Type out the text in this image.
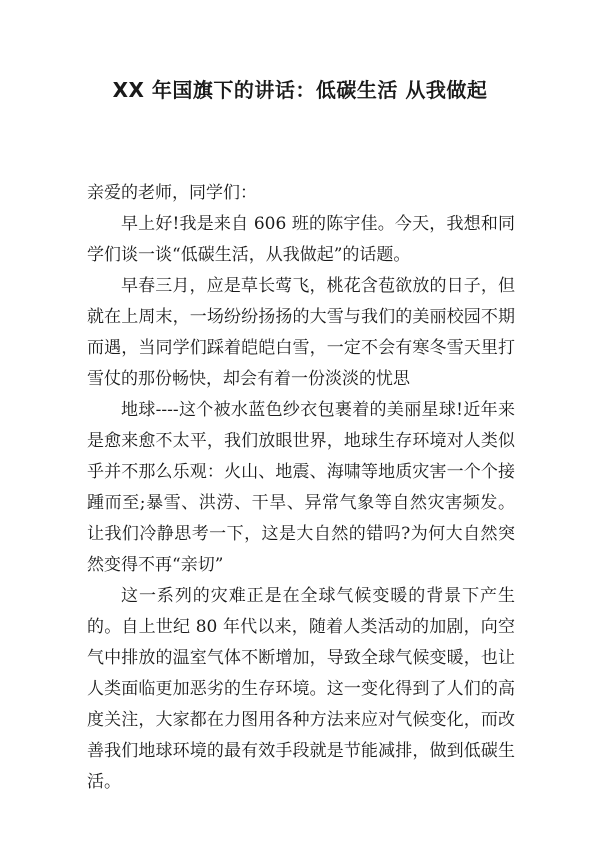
XX 年国旗下的讲话：低碳生活 从我做起

亲爱的老师，同学们：

早上好!我是来自 606 班的陈宇佳。今天，我想和同学们谈一谈“低碳生活，从我做起”的话题。

早春三月，应是草长莺飞，桃花含苞欲放的日子，但就在上周末，一场纷纷扬扬的大雪与我们的美丽校园不期而遇，当同学们踩着皑皑白雪，一定不会有寒冬雪天里打雪仗的那份畅快，却会有着一份淡淡的忧思

地球----这个被水蓝色纱衣包裹着的美丽星球!近年来是愈来愈不太平，我们放眼世界，地球生存环境对人类似乎并不那么乐观：火山、地震、海啸等地质灾害一个个接踵而至;暴雪、洪涝、干旱、异常气象等自然灾害频发。让我们冷静思考一下，这是大自然的错吗?为何大自然突然变得不再“亲切”

这一系列的灾难正是在全球气候变暖的背景下产生的。自上世纪 80 年代以来，随着人类活动的加剧，向空气中排放的温室气体不断增加，导致全球气候变暖，也让人类面临更加恶劣的生存环境。这一变化得到了人们的高度关注，大家都在力图用各种方法来应对气候变化，而改善我们地球环境的最有效手段就是节能减排，做到低碳生活。
